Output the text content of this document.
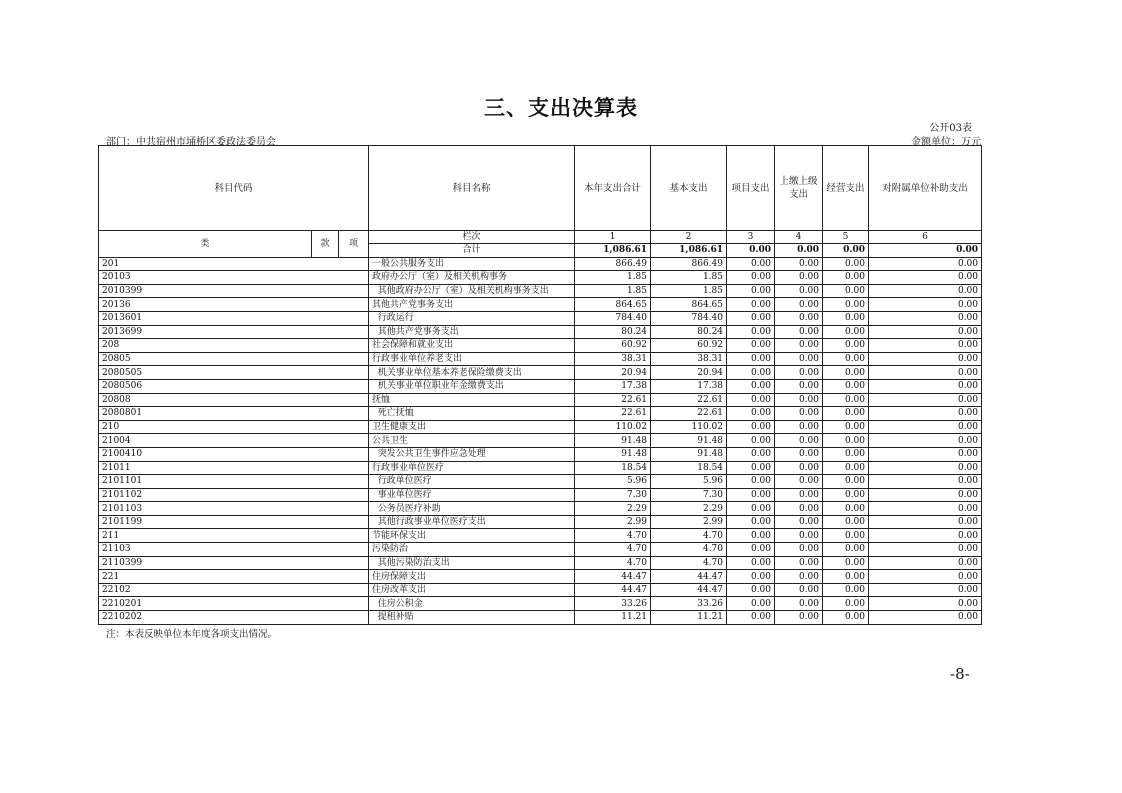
三、支出决算表
公开03表
部门：中共宿州市埇桥区委政法委员会	金额单位：万元
科目代码			科目名称	本年支出合计	基本支出	项目支出	上缴上级支出	经营支出	对附属单位补助支出
类	款	项	栏次	1	2	3	4	5	6
			合计	1,086.61	1,086.61	0.00	0.00	0.00	0.00
201			一般公共服务支出	866.49	866.49	0.00	0.00	0.00	0.00
20103			政府办公厅（室）及相关机构事务	1.85	1.85	0.00	0.00	0.00	0.00
2010399			其他政府办公厅（室）及相关机构事务支出	1.85	1.85	0.00	0.00	0.00	0.00
20136			其他共产党事务支出	864.65	864.65	0.00	0.00	0.00	0.00
2013601			行政运行	784.40	784.40	0.00	0.00	0.00	0.00
2013699			其他共产党事务支出	80.24	80.24	0.00	0.00	0.00	0.00
208			社会保障和就业支出	60.92	60.92	0.00	0.00	0.00	0.00
20805			行政事业单位养老支出	38.31	38.31	0.00	0.00	0.00	0.00
2080505			机关事业单位基本养老保险缴费支出	20.94	20.94	0.00	0.00	0.00	0.00
2080506			机关事业单位职业年金缴费支出	17.38	17.38	0.00	0.00	0.00	0.00
20808			抚恤	22.61	22.61	0.00	0.00	0.00	0.00
2080801			死亡抚恤	22.61	22.61	0.00	0.00	0.00	0.00
210			卫生健康支出	110.02	110.02	0.00	0.00	0.00	0.00
21004			公共卫生	91.48	91.48	0.00	0.00	0.00	0.00
2100410			突发公共卫生事件应急处理	91.48	91.48	0.00	0.00	0.00	0.00
21011			行政事业单位医疗	18.54	18.54	0.00	0.00	0.00	0.00
2101101			行政单位医疗	5.96	5.96	0.00	0.00	0.00	0.00
2101102			事业单位医疗	7.30	7.30	0.00	0.00	0.00	0.00
2101103			公务员医疗补助	2.29	2.29	0.00	0.00	0.00	0.00
2101199			其他行政事业单位医疗支出	2.99	2.99	0.00	0.00	0.00	0.00
211			节能环保支出	4.70	4.70	0.00	0.00	0.00	0.00
21103			污染防治	4.70	4.70	0.00	0.00	0.00	0.00
2110399			其他污染防治支出	4.70	4.70	0.00	0.00	0.00	0.00
221			住房保障支出	44.47	44.47	0.00	0.00	0.00	0.00
22102			住房改革支出	44.47	44.47	0.00	0.00	0.00	0.00
2210201			住房公积金	33.26	33.26	0.00	0.00	0.00	0.00
2210202			提租补贴	11.21	11.21	0.00	0.00	0.00	0.00
注：本表反映单位本年度各项支出情况。
-8-
